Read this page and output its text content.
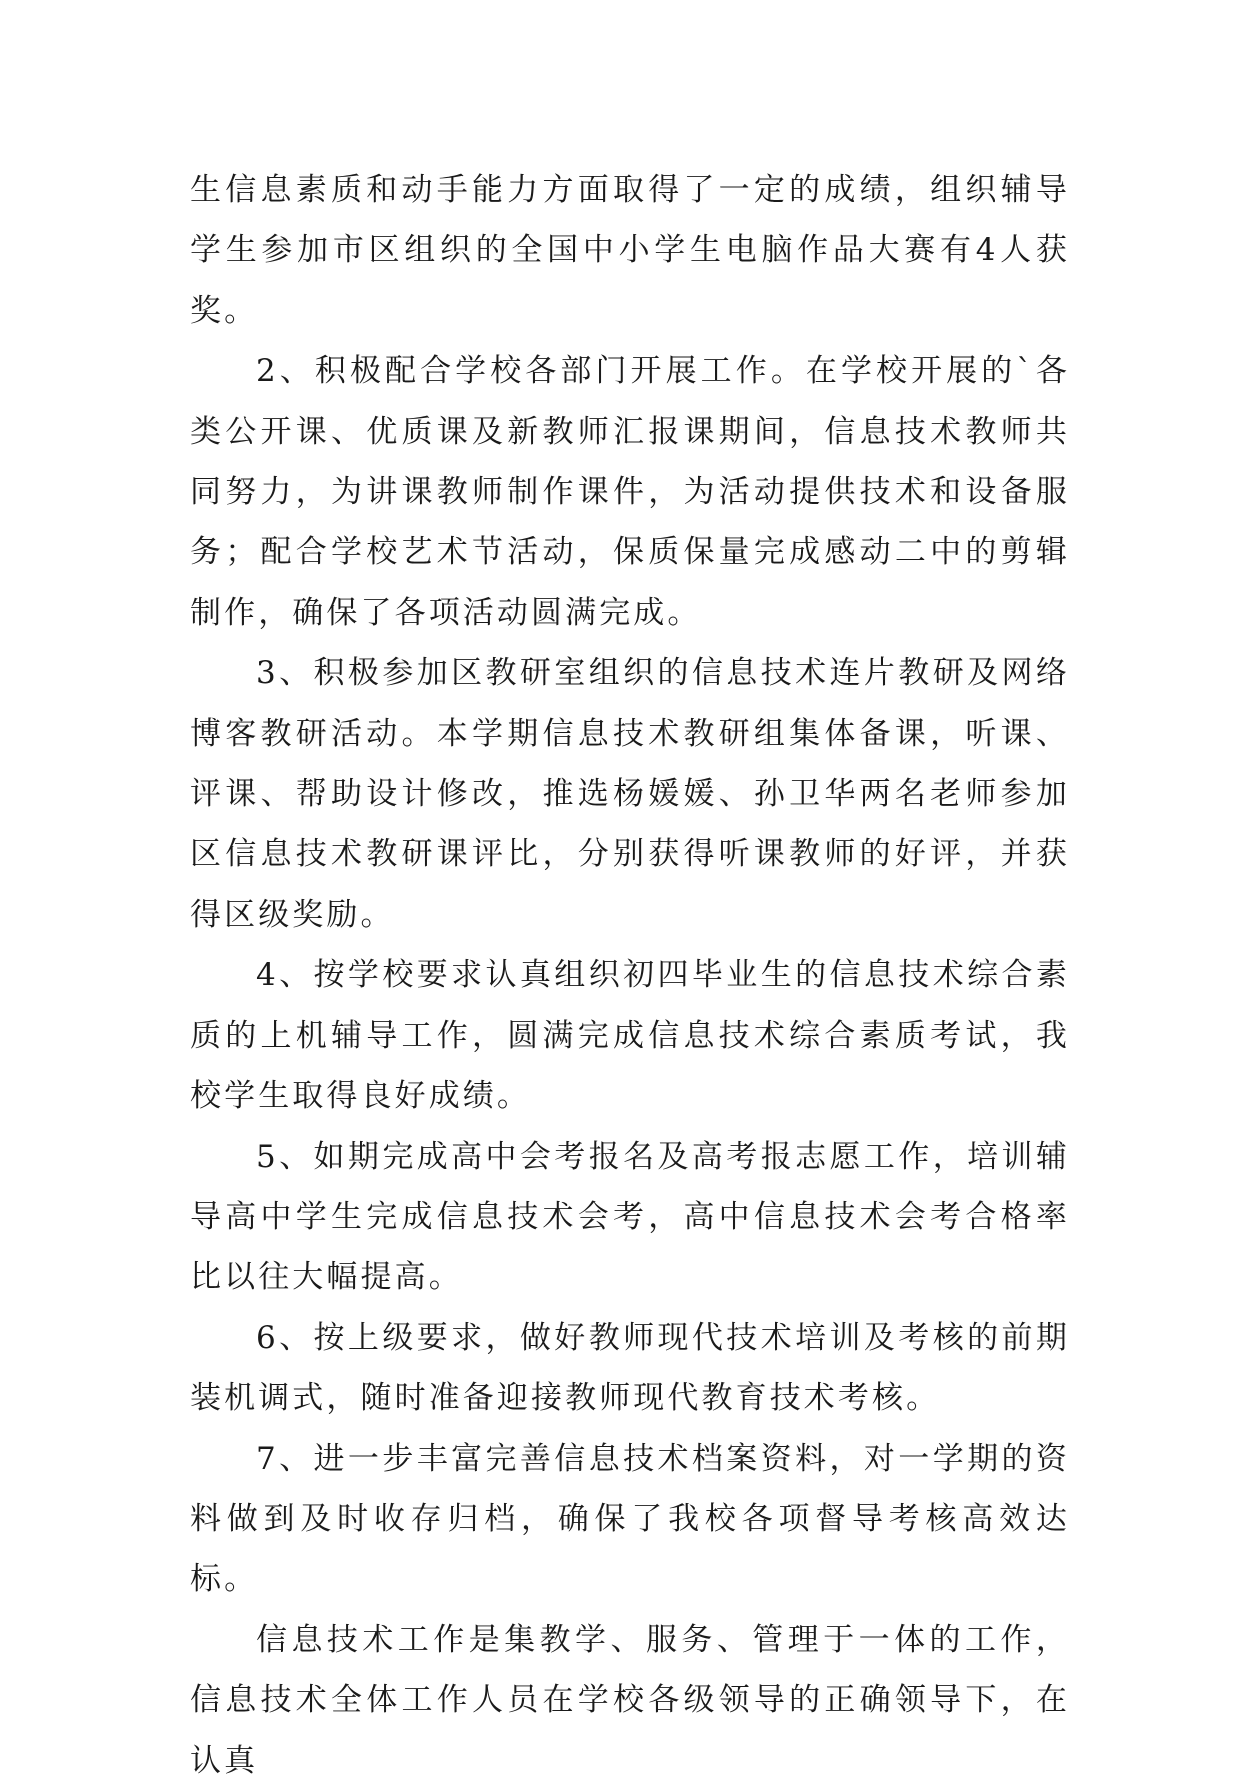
生信息素质和动手能力方面取得了一定的成绩，组织辅导学生参加市区组织的全国中小学生电脑作品大赛有4人获奖。

2、积极配合学校各部门开展工作。在学校开展的`各类公开课、优质课及新教师汇报课期间，信息技术教师共同努力，为讲课教师制作课件，为活动提供技术和设备服务；配合学校艺术节活动，保质保量完成感动二中的剪辑制作，确保了各项活动圆满完成。

3、积极参加区教研室组织的信息技术连片教研及网络博客教研活动。本学期信息技术教研组集体备课，听课、评课、帮助设计修改，推选杨媛媛、孙卫华两名老师参加区信息技术教研课评比，分别获得听课教师的好评，并获得区级奖励。

4、按学校要求认真组织初四毕业生的信息技术综合素质的上机辅导工作，圆满完成信息技术综合素质考试，我校学生取得良好成绩。

5、如期完成高中会考报名及高考报志愿工作，培训辅导高中学生完成信息技术会考，高中信息技术会考合格率比以往大幅提高。

6、按上级要求，做好教师现代技术培训及考核的前期装机调式，随时准备迎接教师现代教育技术考核。

7、进一步丰富完善信息技术档案资料，对一学期的资料做到及时收存归档，确保了我校各项督导考核高效达标。

信息技术工作是集教学、服务、管理于一体的工作，信息技术全体工作人员在学校各级领导的正确领导下，在认真
